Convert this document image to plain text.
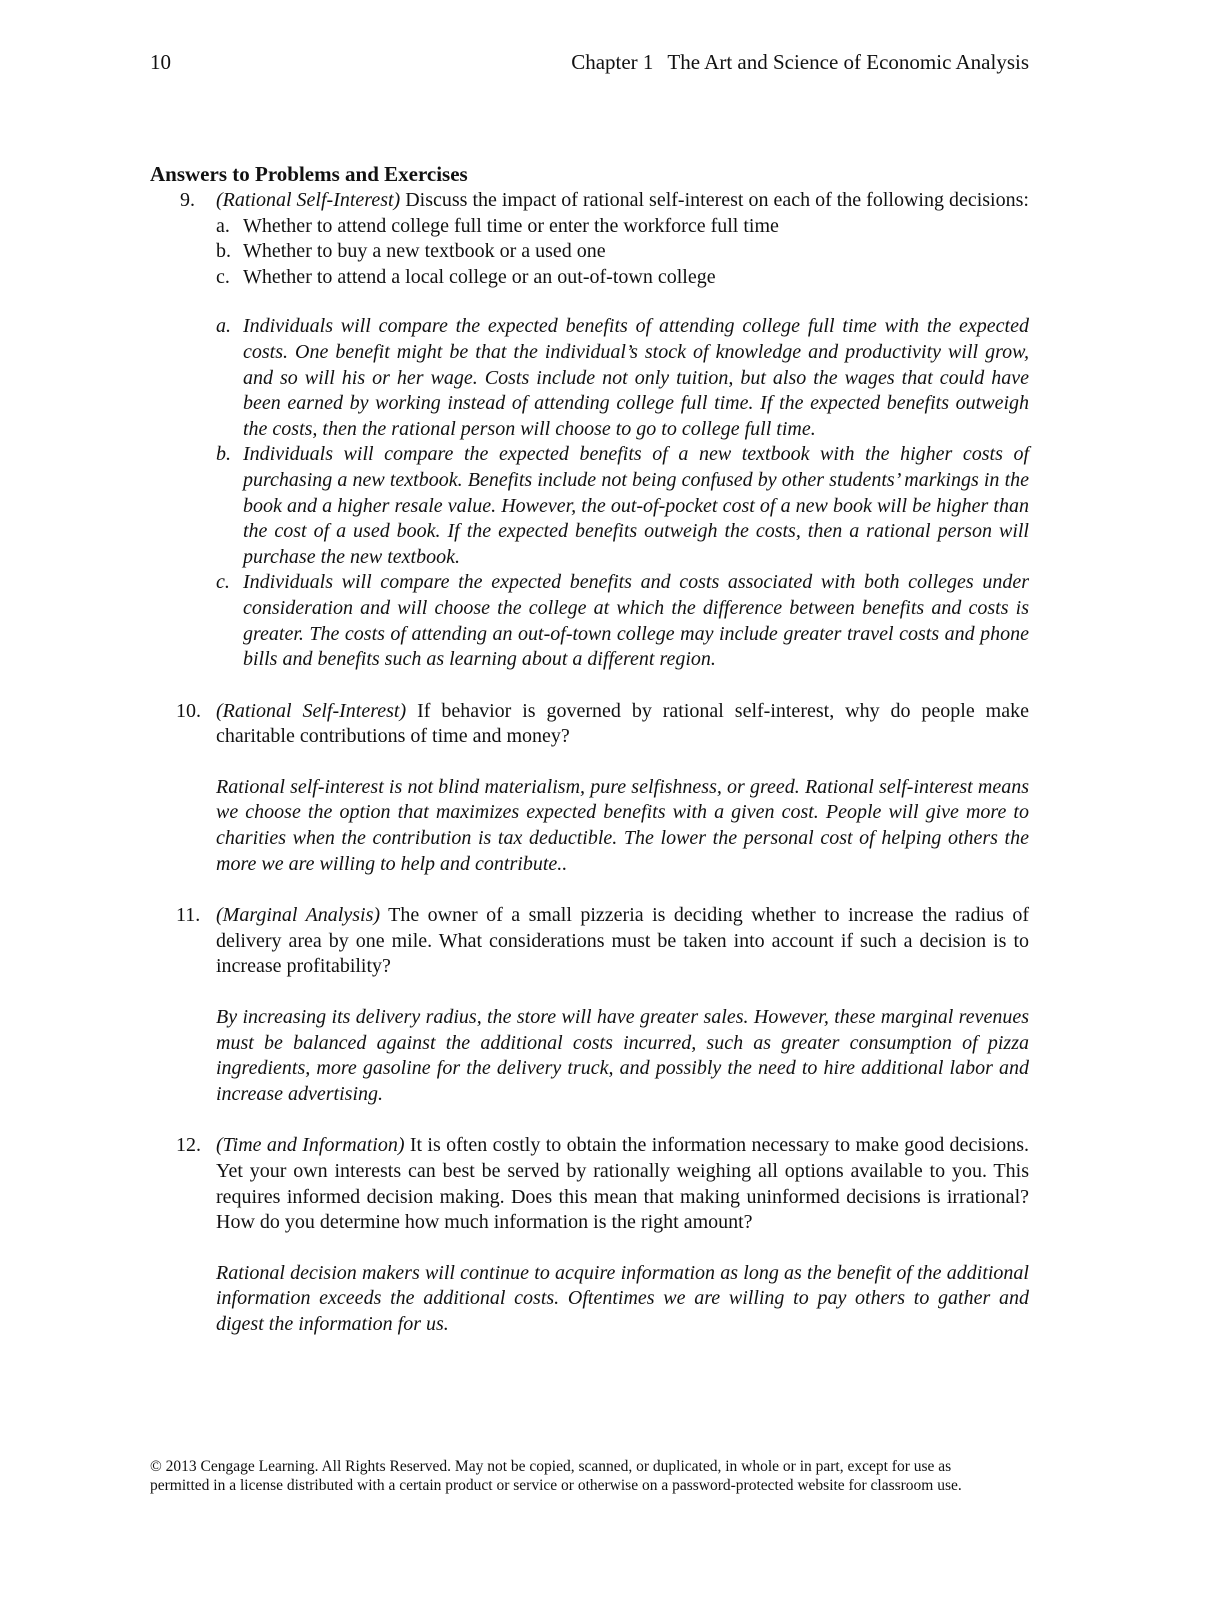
10	Chapter 1 The Art and Science of Economic Analysis
Answers to Problems and Exercises
9.	(Rational Self-Interest) Discuss the impact of rational self-interest on each of the following decisions:
a. Whether to attend college full time or enter the workforce full time
b. Whether to buy a new textbook or a used one
c. Whether to attend a local college or an out-of-town college
a. Individuals will compare the expected benefits of attending college full time with the expected costs. One benefit might be that the individual’s stock of knowledge and productivity will grow, and so will his or her wage. Costs include not only tuition, but also the wages that could have been earned by working instead of attending college full time. If the expected benefits outweigh the costs, then the rational person will choose to go to college full time.
b. Individuals will compare the expected benefits of a new textbook with the higher costs of purchasing a new textbook. Benefits include not being confused by other students’ markings in the book and a higher resale value. However, the out-of-pocket cost of a new book will be higher than the cost of a used book. If the expected benefits outweigh the costs, then a rational person will purchase the new textbook.
c. Individuals will compare the expected benefits and costs associated with both colleges under consideration and will choose the college at which the difference between benefits and costs is greater. The costs of attending an out-of-town college may include greater travel costs and phone bills and benefits such as learning about a different region.
10. (Rational Self-Interest) If behavior is governed by rational self-interest, why do people make charitable contributions of time and money?
Rational self-interest is not blind materialism, pure selfishness, or greed. Rational self-interest means we choose the option that maximizes expected benefits with a given cost. People will give more to charities when the contribution is tax deductible. The lower the personal cost of helping others the more we are willing to help and contribute..
11. (Marginal Analysis) The owner of a small pizzeria is deciding whether to increase the radius of delivery area by one mile. What considerations must be taken into account if such a decision is to increase profitability?
By increasing its delivery radius, the store will have greater sales. However, these marginal revenues must be balanced against the additional costs incurred, such as greater consumption of pizza ingredients, more gasoline for the delivery truck, and possibly the need to hire additional labor and increase advertising.
12. (Time and Information) It is often costly to obtain the information necessary to make good decisions. Yet your own interests can best be served by rationally weighing all options available to you. This requires informed decision making. Does this mean that making uninformed decisions is irrational? How do you determine how much information is the right amount?
Rational decision makers will continue to acquire information as long as the benefit of the additional information exceeds the additional costs. Oftentimes we are willing to pay others to gather and digest the information for us.
© 2013 Cengage Learning. All Rights Reserved. May not be copied, scanned, or duplicated, in whole or in part, except for use as
permitted in a license distributed with a certain product or service or otherwise on a password-protected website for classroom use.
